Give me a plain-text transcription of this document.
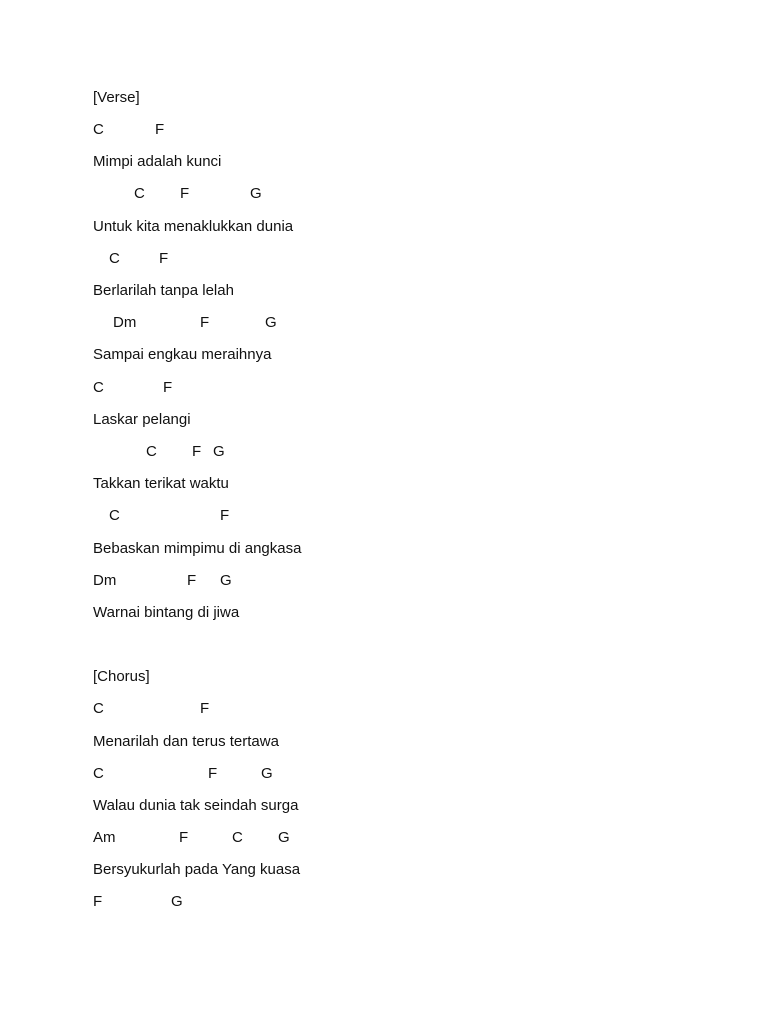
[Verse]
C	F
Mimpi adalah kunci
C F	G
Untuk kita menaklukkan dunia
C	F
Berlarilah tanpa lelah
Dm	F	G
Sampai engkau meraihnya
C	F
Laskar pelangi
C F G
Takkan terikat waktu
C	F
Bebaskan mimpimu di angkasa
Dm	F G
Warnai bintang di jiwa
[Chorus]
C	F
Menarilah dan terus tertawa
C	F	G
Walau dunia tak seindah surga
Am	F	C G
Bersyukurlah pada Yang kuasa
F	G
